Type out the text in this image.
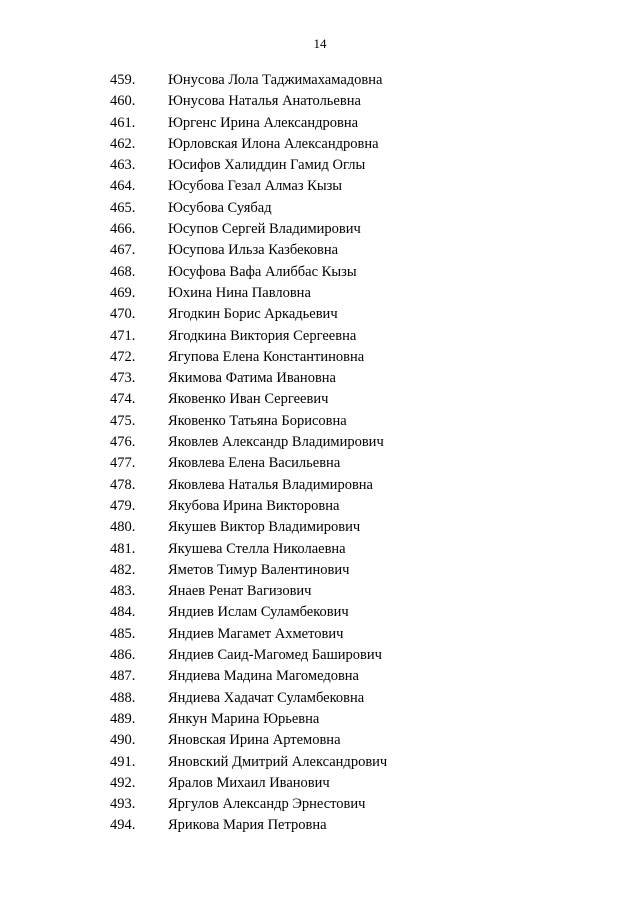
14
459. Юнусова Лола Таджимахамадовна
460. Юнусова Наталья Анатольевна
461. Юргенс Ирина Александровна
462. Юрловская Илона Александровна
463. Юсифов Халиддин Гамид Оглы
464. Юсубова Гезал Алмаз Кызы
465. Юсубова Суябад
466. Юсупов Сергей Владимирович
467. Юсупова Ильза Казбековна
468. Юсуфова Вафа Алиббас Кызы
469. Юхина Нина Павловна
470. Ягодкин Борис Аркадьевич
471. Ягодкина Виктория Сергеевна
472. Ягупова Елена Константиновна
473. Якимова Фатима Ивановна
474. Яковенко Иван Сергеевич
475. Яковенко Татьяна Борисовна
476. Яковлев Александр Владимирович
477. Яковлева Елена Васильевна
478. Яковлева Наталья Владимировна
479. Якубова Ирина Викторовна
480. Якушев Виктор Владимирович
481. Якушева Стелла Николаевна
482. Яметов Тимур Валентинович
483. Янаев Ренат Вагизович
484. Яндиев Ислам Суламбекович
485. Яндиев Магамет Ахметович
486. Яндиев Саид-Магомед Баширович
487. Яндиева Мадина Магомедовна
488. Яндиева Хадачат Суламбековна
489. Янкун Марина Юрьевна
490. Яновская Ирина Артемовна
491. Яновский Дмитрий Александрович
492. Яралов Михаил Иванович
493. Яргулов Александр Эрнестович
494. Ярикова Мария Петровна
